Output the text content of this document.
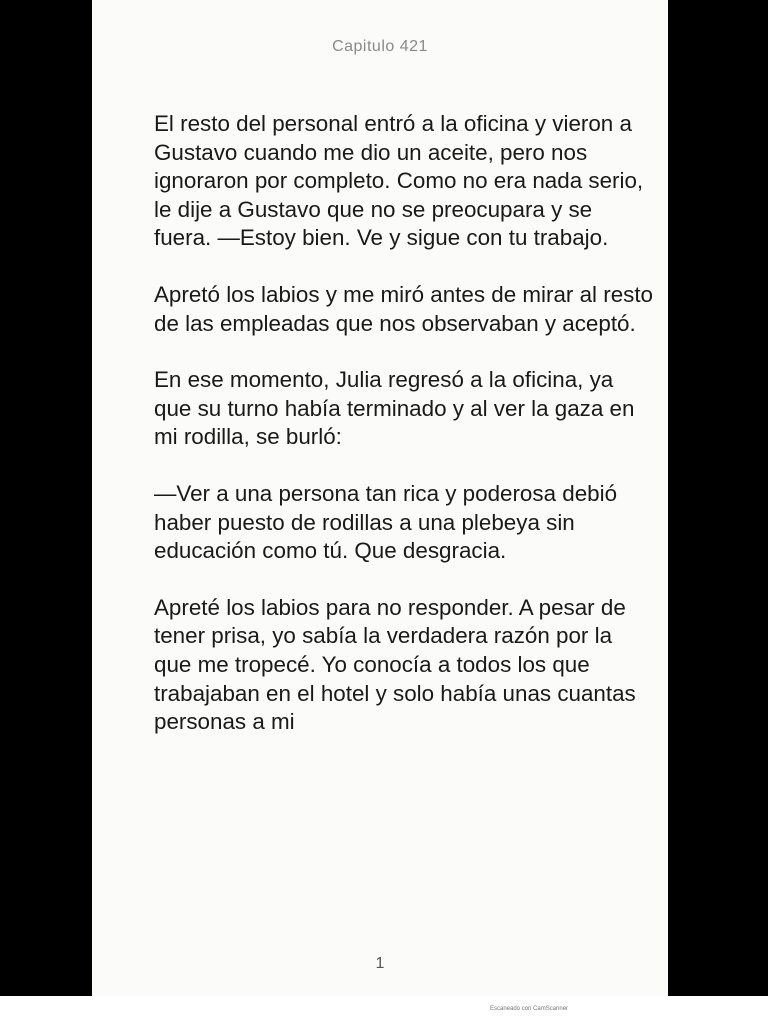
Capitulo 421

El resto del personal entró a la oficina y vieron a Gustavo cuando me dio un aceite, pero nos ignoraron por completo. Como no era nada serio, le dije a Gustavo que no se preocupara y se fuera. —Estoy bien. Ve y sigue con tu trabajo.

Apretó los labios y me miró antes de mirar al resto de las empleadas que nos observaban y aceptó.

En ese momento, Julia regresó a la oficina, ya que su turno había terminado y al ver la gaza en mi rodilla, se burló:

—Ver a una persona tan rica y poderosa debió haber puesto de rodillas a una plebeya sin educación como tú. Que desgracia.

Apreté los labios para no responder. A pesar de tener prisa, yo sabía la verdadera razón por la que me tropecé. Yo conocía a todos los que trabajaban en el hotel y solo había unas cuantas personas a mi

1
Escaneado con CamScanner
